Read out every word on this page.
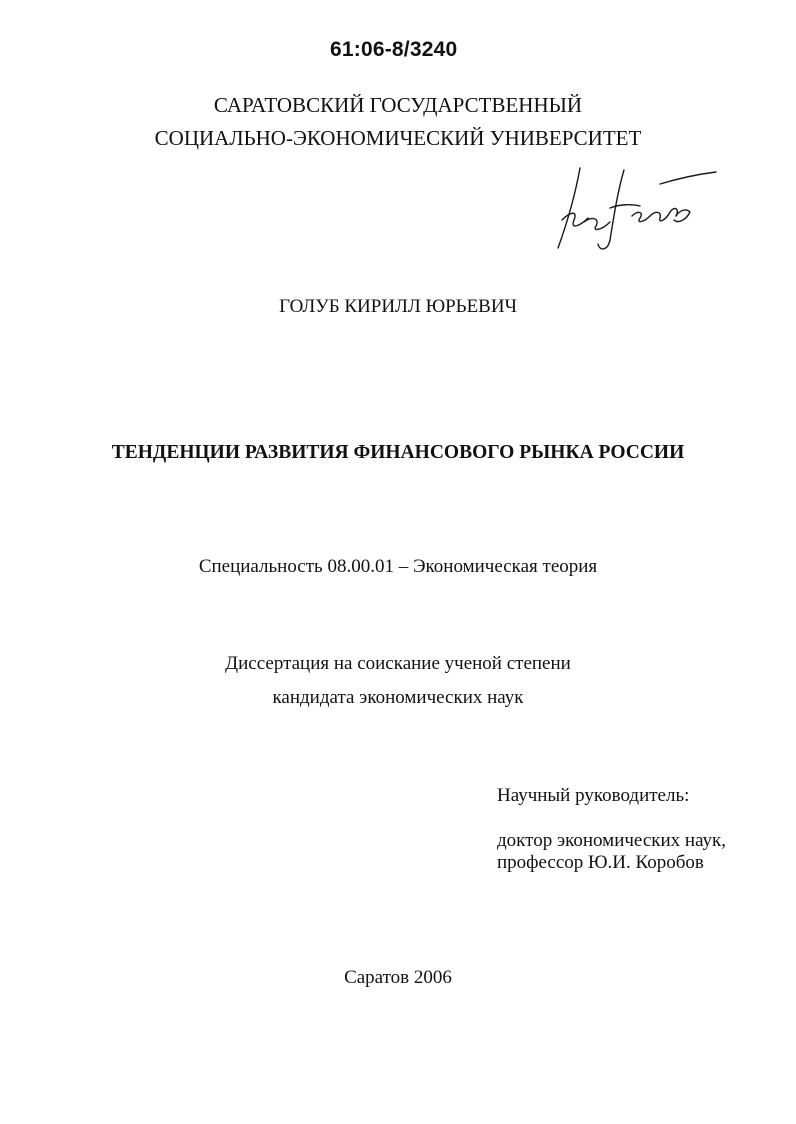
61:06-8/3240
САРАТОВСКИЙ ГОСУДАРСТВЕННЫЙ
СОЦИАЛЬНО-ЭКОНОМИЧЕСКИЙ УНИВЕРСИТЕТ
ГОЛУБ КИРИЛЛ ЮРЬЕВИЧ
ТЕНДЕНЦИИ РАЗВИТИЯ ФИНАНСОВОГО РЫНКА РОССИИ
Специальность 08.00.01 – Экономическая теория
Диссертация на соискание ученой степени
кандидата экономических наук
Научный руководитель:
доктор экономических наук,
профессор Ю.И. Коробов
Саратов 2006
